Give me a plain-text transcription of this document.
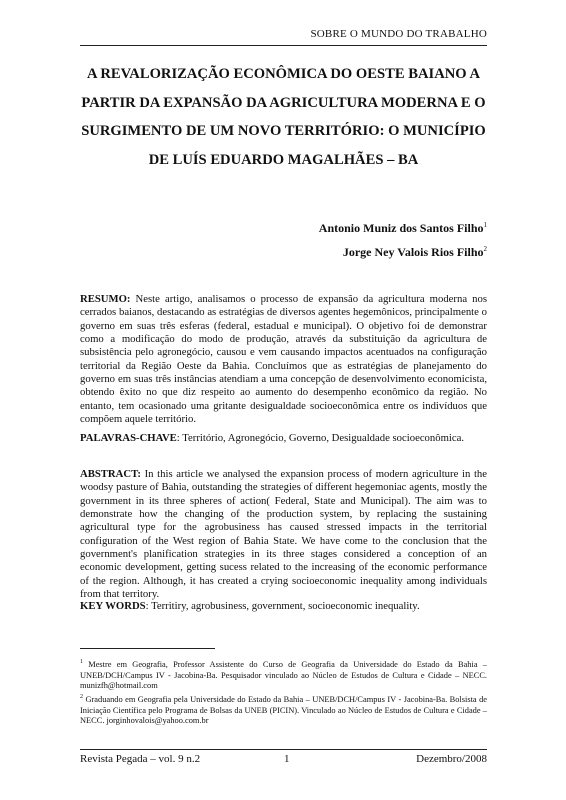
SOBRE O MUNDO DO TRABALHO
A REVALORIZAÇÃO ECONÔMICA DO OESTE BAIANO A PARTIR DA EXPANSÃO DA AGRICULTURA MODERNA E O SURGIMENTO DE UM NOVO TERRITÓRIO: O MUNICÍPIO DE LUÍS EDUARDO MAGALHÃES – BA
Antonio Muniz dos Santos Filho$^1$
Jorge Ney Valois Rios Filho$^2$
RESUMO: Neste artigo, analisamos o processo de expansão da agricultura moderna nos cerrados baianos, destacando as estratégias de diversos agentes hegemônicos, principalmente o governo em suas três esferas (federal, estadual e municipal). O objetivo foi de demonstrar como a modificação do modo de produção, através da substituição da agricultura de subsistência pelo agronegócio, causou e vem causando impactos acentuados na configuração territorial da Região Oeste da Bahia. Concluímos que as estratégias de planejamento do governo em suas três instâncias atendiam a uma concepção de desenvolvimento economicista, obtendo êxito no que diz respeito ao aumento do desempenho econômico da região. No entanto, tem ocasionado uma gritante desigualdade socioeconômica entre os indivíduos que compõem aquele território.
PALAVRAS-CHAVE: Território, Agronegócio, Governo, Desigualdade socioeconômica.
ABSTRACT: In this article we analysed the expansion process of modern agriculture in the woodsy pasture of Bahia, outstanding the strategies of different hegemoniac agents, mostly the government in its three spheres of action( Federal, State and Municipal). The aim was to demonstrate how the changing of the production system, by replacing the sustaining agricultural type for the agrobusiness has caused stressed impacts in the territorial configuration of the West region of Bahia State. We have come to the conclusion that the government's planification strategies in its three stages considered a conception of an economic development, getting sucess related to the increasing of the economic performance of the region. Although, it has created a crying socioeconomic inequality among individuals from that territory.
KEY WORDS: Territiry, agrobusiness, government, socioeconomic inequality.
$^1$ Mestre em Geografia, Professor Assistente do Curso de Geografia da Universidade do Estado da Bahia – UNEB/DCH/Campus IV - Jacobina-Ba. Pesquisador vinculado ao Núcleo de Estudos de Cultura e Cidade – NECC. munizfh@hotmail.com
$^2$ Graduando em Geografia pela Universidade do Estado da Bahia – UNEB/DCH/Campus IV - Jacobina-Ba. Bolsista de Iniciação Científica pelo Programa de Bolsas da UNEB (PICIN). Vinculado ao Núcleo de Estudos de Cultura e Cidade – NECC. jorginhovalois@yahoo.com.br
Revista Pegada – vol. 9 n.2	1	Dezembro/2008
